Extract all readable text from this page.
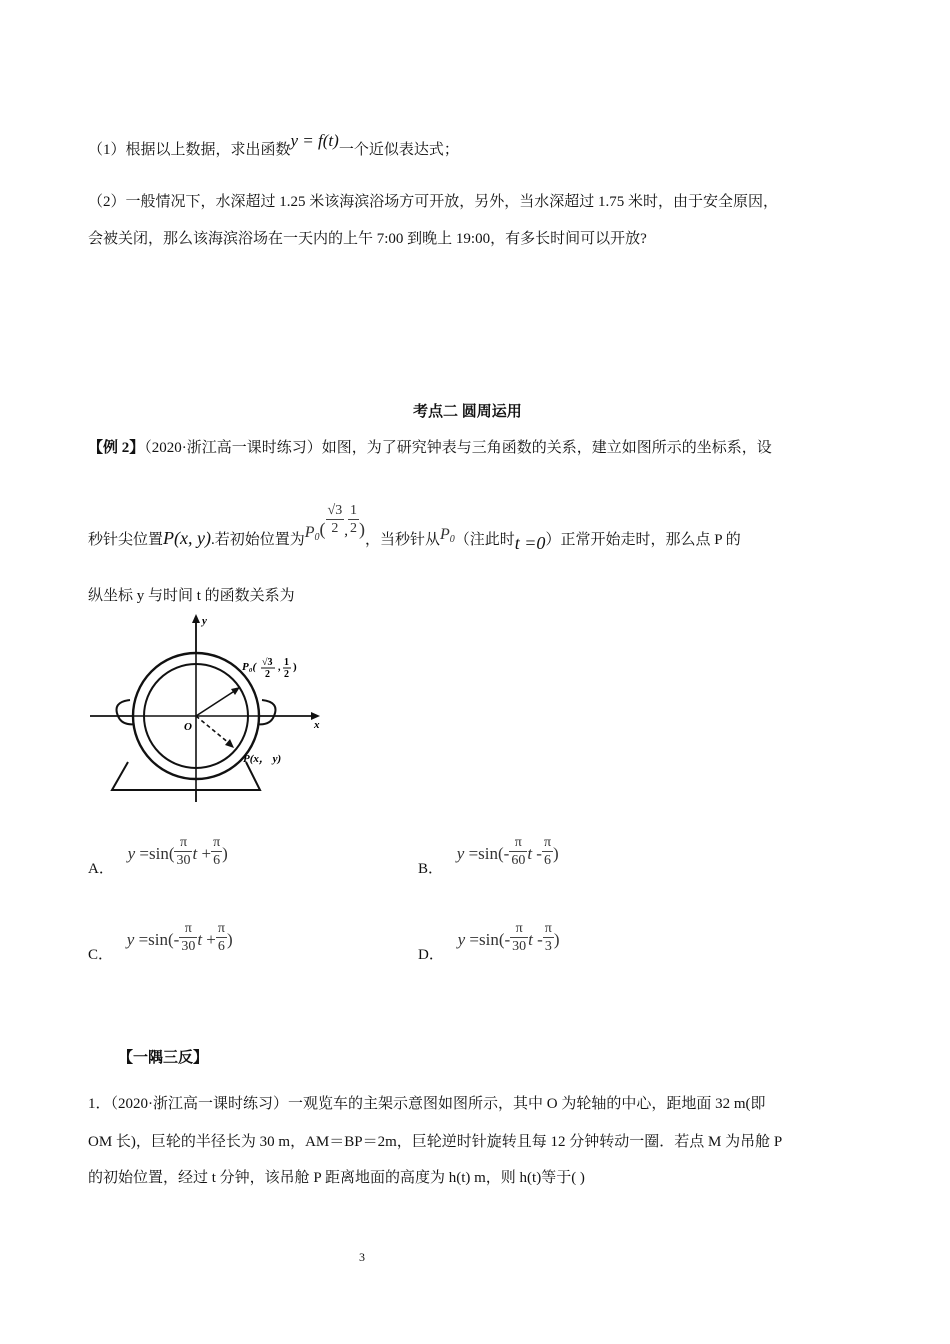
（1）根据以上数据，求出函数y = f(t)一个近似表达式；
（2）一般情况下，水深超过 1.25 米该海滨浴场方可开放，另外，当水深超过 1.75 米时，由于安全原因，
会被关闭，那么该海滨浴场在一天内的上午 7:00 到晚上 19:00，有多长时间可以开放?
考点二 圆周运用
【例 2】（2020·浙江高一课时练习）如图，为了研究钟表与三角函数的关系，建立如图所示的坐标系，设
秒针尖位置P(x, y).若初始位置为$P_0( \frac{√3}{2}$ , $\frac{1}{2}$ )，当秒针从$P_0$（注此时t =0）正常开始走时，那么点 P 的
纵坐标 y 与时间 t 的函数关系为
y
x
O
P₀( √3
2
, 1
2
)
P(x， y)
A． $y =\sin( \frac{\pi}{30}$ $t + \frac{\pi}{6}$ )
B． $y =\sin(- \frac{\pi}{60}$ t - $\frac{\pi}{6}$ )
C． $y =\sin(- \frac{\pi}{30}$ $t + \frac{\pi}{6}$ )
D． $y =\sin(- \frac{\pi}{30}$ t - $\frac{\pi}{3}$ )
【一隅三反】
1．（2020·浙江高一课时练习）一观览车的主架示意图如图所示，其中 O 为轮轴的中心，距地面 32 m(即
OM 长)，巨轮的半径长为 30 m，AM＝BP＝2m，巨轮逆时针旋转且每 12 分钟转动一圈．若点 M 为吊舱 P
的初始位置，经过 t 分钟，该吊舱 P 距离地面的高度为 h(t) m，则 h(t)等于( )
3
